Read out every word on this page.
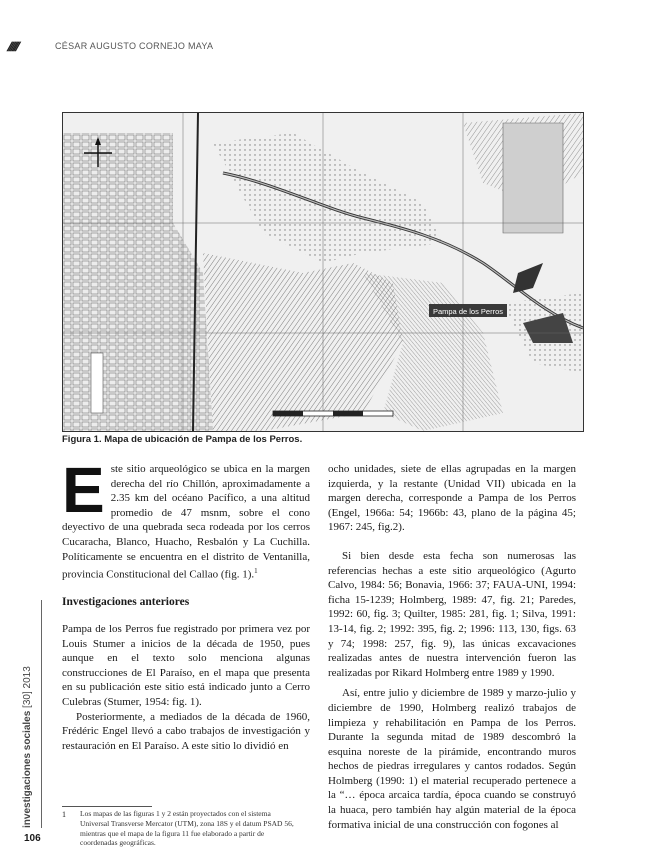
//////	CÉSAR AUGUSTO CORNEJO MAYA
Pampa de los Perros
Figura 1. Mapa de ubicación de Pampa de los Perros.
E ste sitio arqueológico se ubica en la margen derecha del río Chillón, aproximadamente a 2.35 km del océano Pacífico, a una altitud promedio de 47 msnm, sobre el cono deyectivo de una quebrada seca rodeada por los cerros Cucaracha, Blanco, Huacho, Resbalón y La Cuchilla. Políticamente se encuentra en el distrito de Ventanilla, provincia Constitucional del Callao (fig. 1).$^1$

Investigaciones anteriores

Pampa de los Perros fue registrado por primera vez por Louis Stumer a inicios de la década de 1950, pues aunque en el texto solo menciona algunas construcciones de El Paraíso, en el mapa que presenta en su publicación este sitio está indicado junto a Cerro Culebras (Stumer, 1954: fig. 1).

Posteriormente, a mediados de la década de 1960, Frédéric Engel llevó a cabo trabajos de investigación y restauración en El Paraíso. A este sitio lo dividió en

ocho unidades, siete de ellas agrupadas en la margen izquierda, y la restante (Unidad VII) ubicada en la margen derecha, corresponde a Pampa de los Perros (Engel, 1966a: 54; 1966b: 43, plano de la página 45; 1967: 245, fig.2).

Si bien desde esta fecha son numerosas las referencias hechas a este sitio arqueológico (Agurto Calvo, 1984: 56; Bonavia, 1966: 37; FAUA-UNI, 1994: ficha 15-1239; Holmberg, 1989: 47, fig. 21; Paredes, 1992: 60, fig. 3; Quilter, 1985: 281, fig. 1; Silva, 1991: 13-14, fig. 2; 1992: 395, fig. 2; 1996: 113, 130, figs. 63 y 74; 1998: 257, fig. 9), las únicas excavaciones realizadas antes de nuestra intervención fueron las realizadas por Rikard Holmberg entre 1989 y 1990.

Así, entre julio y diciembre de 1989 y marzo-julio y diciembre de 1990, Holmberg realizó trabajos de limpieza y rehabilitación en Pampa de los Perros. Durante la segunda mitad de 1989 descombró la esquina noreste de la pirámide, encontrando muros hechos de piedras irregulares y cantos rodados. Según Holmberg (1990: 1) el material recuperado pertenece a la “… época arcaica tardía, época cuando se construyó la huaca, pero también hay algún material de la época formativa inicial de una construcción con fogones al

1 Los mapas de las figuras 1 y 2 están proyectados con el sistema Universal Transverse Mercator (UTM), zona 18S y el datum PSAD 56, mientras que el mapa de la figura 11 fue elaborado a partir de coordenadas geográficas.
investigaciones sociales [30] 2013
106
